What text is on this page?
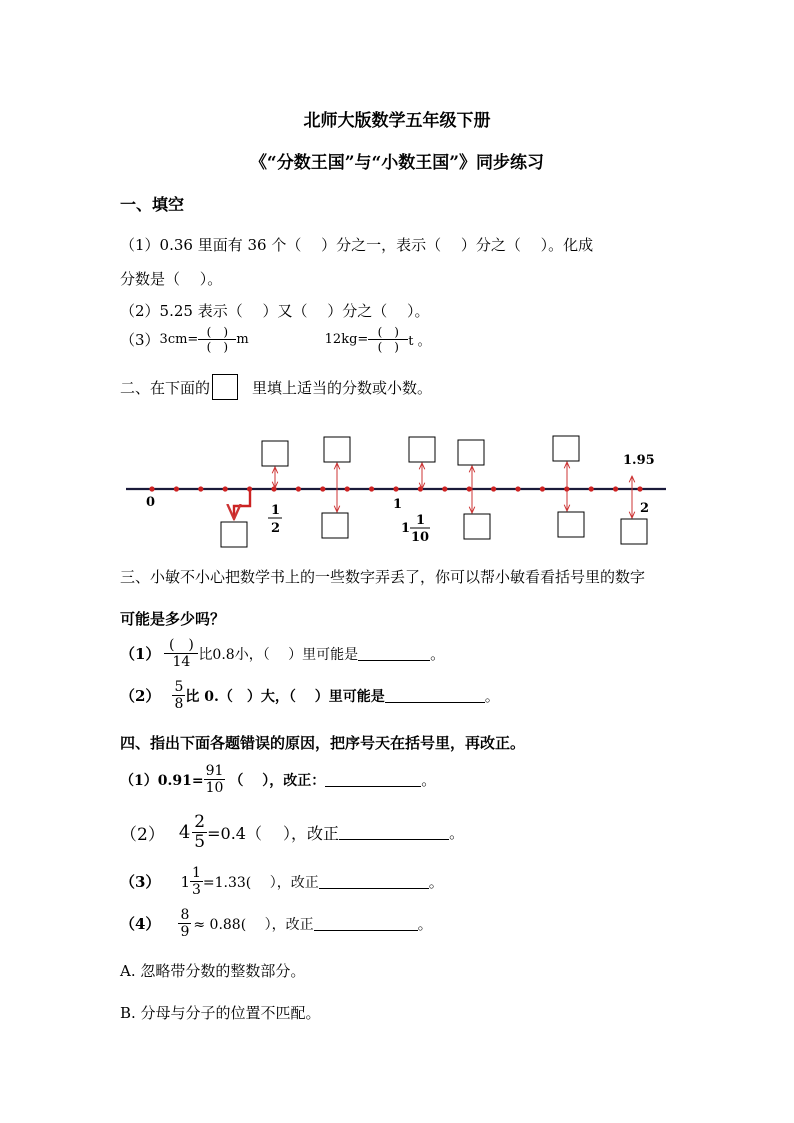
北师大版数学五年级下册
《“分数王国”与“小数王国”》同步练习
一、填空
（1）0.36 里面有 36 个（　 ）分之一，表示（　 ）分之（　 ）。化成
分数是（　 ）。
（2）5.25 表示（　 ）又（　 ）分之（　 ）。
（3） $3cm= \frac{( )}{( )}$ m	$12kg= \frac{( )}{( )}$ t 。
二、在下面的	里填上适当的分数或小数。
0
1
2
1
1
1
10
1.95
2
三、小敏不小心把数学书上的一些数字弄丢了，你可以帮小敏看看括号里的数字
可能是多少吗？
$(1) \frac{( )}{14}$ 比0.8小，（　 ）里可能是	。
$(2) \frac{5}{8}$ 比 0.（　）大，（　 ）里可能是	。
四、指出下面各题错误的原因，把序号天在括号里，再改正。
$(1)0.91= \frac{91}{10}$ （　 ），改正：	。
（2） $4 \frac{2}{5} =0.4$（　 ），改正	。
（3） $1 \frac{1}{3} =1.33$(　 ），改正	。
$(4) \frac{8}{9} \approx 0.88$(　 ），改正	。
A. 忽略带分数的整数部分。
B. 分母与分子的位置不匹配。
